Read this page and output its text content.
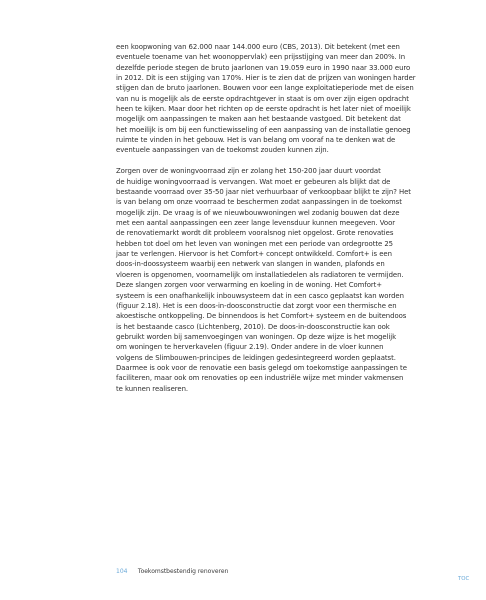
een koopwoning van 62.000 naar 144.000 euro (CBS, 2013). Dit betekent (met een
eventuele toename van het woonoppervlak) een prijsstijging van meer dan 200%. In
dezelfde periode stegen de bruto jaarlonen van 19.059 euro in 1990 naar 33.000 euro
in 2012. Dit is een stijging van 170%. Hier is te zien dat de prijzen van woningen harder
stijgen dan de bruto jaarlonen. Bouwen voor een lange exploitatieperiode met de eisen
van nu is mogelijk als de eerste opdrachtgever in staat is om over zijn eigen opdracht
heen te kijken. Maar door het richten op de eerste opdracht is het later niet of moeilijk
mogelijk om aanpassingen te maken aan het bestaande vastgoed. Dit betekent dat
het moeilijk is om bij een functiewisseling of een aanpassing van de installatie genoeg
ruimte te vinden in het gebouw. Het is van belang om vooraf na te denken wat de
eventuele aanpassingen van de toekomst zouden kunnen zijn.

Zorgen over de woningvoorraad zijn er zolang het 150-200 jaar duurt voordat
de huidige woningvoorraad is vervangen. Wat moet er gebeuren als blijkt dat de
bestaande voorraad over 35-50 jaar niet verhuurbaar of verkoopbaar blijkt te zijn? Het
is van belang om onze voorraad te beschermen zodat aanpassingen in de toekomst
mogelijk zijn. De vraag is of we nieuwbouwwoningen wel zodanig bouwen dat deze
met een aantal aanpassingen een zeer lange levensduur kunnen meegeven. Voor
de renovatiemarkt wordt dit probleem vooralsnog niet opgelost. Grote renovaties
hebben tot doel om het leven van woningen met een periode van ordegrootte 25
jaar te verlengen. Hiervoor is het Comfort+ concept ontwikkeld. Comfort+ is een
doos-in-doossysteem waarbij een netwerk van slangen in wanden, plafonds en
vloeren is opgenomen, voornamelijk om installatiedelen als radiatoren te vermijden.
Deze slangen zorgen voor verwarming en koeling in de woning. Het Comfort+
systeem is een onafhankelijk inbouwsysteem dat in een casco geplaatst kan worden
(figuur 2.18). Het is een doos-in-doosconstructie dat zorgt voor een thermische en
akoestische ontkoppeling. De binnendoos is het Comfort+ systeem en de buitendoos
is het bestaande casco (Lichtenberg, 2010). De doos-in-doosconstructie kan ook
gebruikt worden bij samenvoegingen van woningen. Op deze wijze is het mogelijk
om woningen te herverkavelen (figuur 2.19). Onder andere in de vloer kunnen
volgens de Slimbouwen-principes de leidingen gedesintegreerd worden geplaatst.
Daarmee is ook voor de renovatie een basis gelegd om toekomstige aanpassingen te
faciliteren, maar ook om renovaties op een industriële wijze met minder vakmensen
te kunnen realiseren.

104 Toekomstbestendig renoveren
TOC
